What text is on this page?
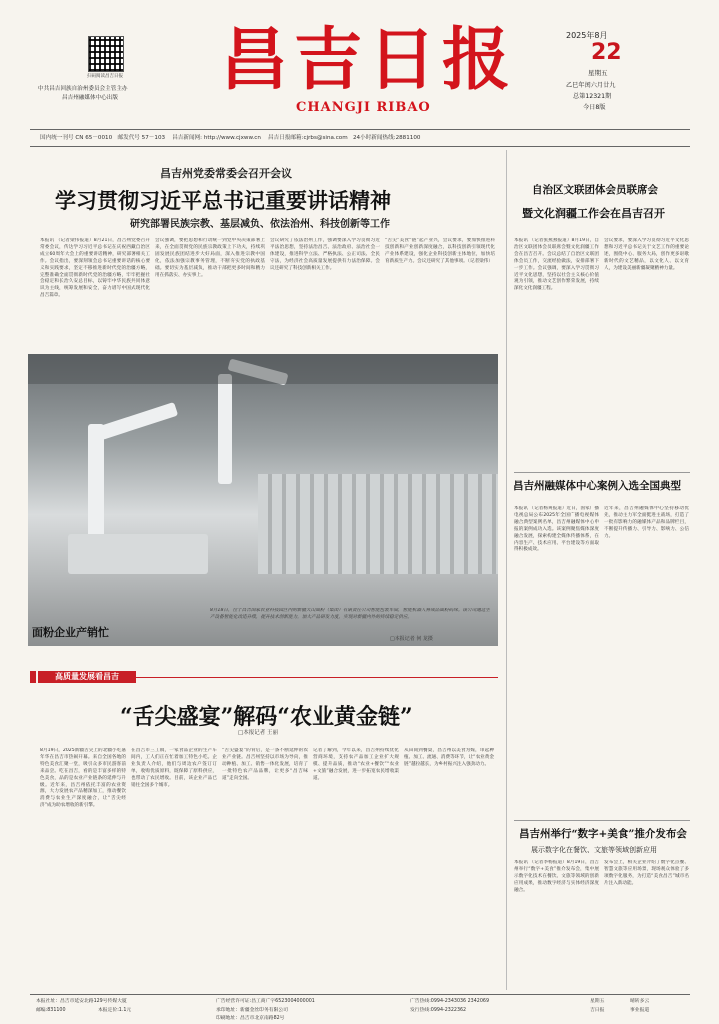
扫码阅读昌吉日报
中共昌吉回族自治州委员会主管主办
昌吉州融媒体中心出版 昌吉日报
CHANGJI RIBAO
2025年8月
22
星期五
乙巳年闰六月廿九
总第12321期
今日8版
国内统一刊号 CN 65－0010 邮发代号 57－103 昌吉新闻网: http://www.cjxww.cn 昌吉日报邮箱:cjrbs@sina.com 24小时新闻热线:2881100
昌吉州党委常委会召开会议
学习贯彻习近平总书记重要讲话精神
研究部署民族宗教、基层减负、依法治州、科技创新等工作
本报讯 （记者梁伟报道）8月21日，昌吉州党委召开常委会议，传达学习习近平总书记在庆祝西藏自治区成立60周年大会上的重要讲话精神，研究部署相关工作。会议指出，要深刻领会总书记重要讲话的核心要义和实践要求，坚定不移推进新时代党的治疆方略，完整准确全面贯彻新时代党的治疆方略，牢牢把握社会稳定和长治久安总目标，以铸牢中华民族共同体意识为主线，统筹发展和安全，奋力谱写中国式现代化昌吉篇章。
会议强调，要把思想和行动统一到党中央决策部署上来，在全面贯彻党的民族宗教政策上下功夫，持续巩固发展民族团结进步大好局面，深入推进宗教中国化，依法加强宗教事务管理，不断夯实党的执政基础。要切实为基层减负，推动干部把更多时间和精力用在抓落实、办实事上。
会议研究了依法治州工作，强调要深入学习贯彻习近平法治思想，坚持法治昌吉、法治政府、法治社会一体建设，推进科学立法、严格执法、公正司法、全民守法，为经济社会高质量发展提供有力法治保障。会议还研究了科技创新相关工作。
“舌尖”美食“链”起产业兴，会议要求，要加快推进科技创新和产业创新深度融合，以科技创新引领现代化产业体系建设，强化企业科技创新主体地位，加快培育新质生产力。会议还研究了其他事项。（记者梁伟）
面粉企业产销忙
8月18日，位于昌吉国家农业科技园区内的新疆天山面粉（集团）有限责任公司智能包装车间，智能机器人将成品面粉码垛。该公司通过生产设备智能化改造升级，提升技术创新能力，加大产品研发力度，实现对新疆内外的持续稳定供应。
□本报记者 何 龙摄
高质量发展看昌吉
“舌尖盛宴”解码“农业黄金链”
□本报记者 王丽
8月19日，2025新疆舌尖上的北疆小吃嘉年华在昌吉市热闹开幕。来自全国各地的特色美食汇聚一堂，吸引众多市民游客前来品尝。吃在昌吉，看的是丰富多样的特色美食，品的是农业产业链条的延伸与升级。近年来，昌吉州依托丰富的农业资源，大力发展农产品精深加工，推动餐饮消费与农业生产深度融合，让“舌尖经济”成为助农增收的新引擎。
在昌吉市三工镇，一家食品企业的生产车间内，工人们正在忙着加工特色小吃。企业负责人介绍，他们与周边农户签订订单，收购优质原料，既保障了原料供应，也带动了农民增收。目前，该企业产品已销往全国多个城市。
“舌尖盛宴”的背后，是一条不断延伸的农业产业链。昌吉州坚持以市场为导向，推动种植、加工、销售一体化发展，培育了一批特色农产品品牌，让更多“昌吉味道”走向全国。
记者了解到，今年以来，昌吉州持续优化营商环境，支持农产品加工企业扩大规模、提升品质，推动“农业+餐饮”“农业+文旅”融合发展，进一步拓宽农民增收渠道。
从田间到餐桌，昌吉州以美食为媒，串起种植、加工、流通、消费等环节，让“农业黄金链”越拉越长，为乡村振兴注入强劲动力。
自治区文联团体会员联席会
暨文化润疆工作会在昌吉召开
本报讯 （记者张燕燕报道）8月19日，自治区文联团体会员联席会暨文化润疆工作会在昌吉召开。会议总结了自治区文联团体会员工作，交流经验做法，安排部署下一步工作。会议强调，要深入学习贯彻习近平文化思想，坚持以社会主义核心价值观为引领，推动文艺创作繁荣发展，持续深化文化润疆工程。
会议要求，要深入学习贯彻习近平文化思想和习近平总书记关于文艺工作的重要论述，围绕中心、服务大局，创作更多讴歌新时代的文艺精品，以文化人、以文育人，为建设美丽新疆凝聚精神力量。
昌吉州融媒体中心案例入选全国典型
本报讯 （记者杨爽报道）近日，国家广播电视总局公布2025年全国广播电视媒体融合典型案例名单，昌吉州融媒体中心申报的案例成功入选。该案例聚焦媒体深度融合发展，探索构建全媒体传播体系，在内容生产、技术应用、平台建设等方面取得积极成效。
近年来，昌吉州融媒体中心坚持移动优先，推动主力军全面挺进主战场，打造了一批有影响力的融媒体产品和品牌栏目，不断提升传播力、引导力、影响力、公信力。
昌吉州举行“数字+美食”推介发布会
展示数字化在餐饮、文旅等领域创新应用
本报讯 （记者李杨报道）8月19日，昌吉州举行“数字+美食”推介发布会，集中展示数字化技术在餐饮、文旅等领域的创新应用成果，推动数字经济与实体经济深度融合。
发布会上，相关企业介绍了数字化点餐、智慧文旅等应用场景，现场观众体验了多项数字化服务，为打造“美食昌吉”城市名片注入新动能。
本报社址：昌吉市延安北路129号传媒大厦
邮编:831100	本报定价:1.1元
广告经营许可证:昌工商广字6523004000001
承印地址：新疆金丝印务有限公司
印刷地址：昌吉市北京南路82号
广告热线:0994-2343036 2342069
发行热线:0994-2322362
星期五	晴转多云
吉日报	事业报道
